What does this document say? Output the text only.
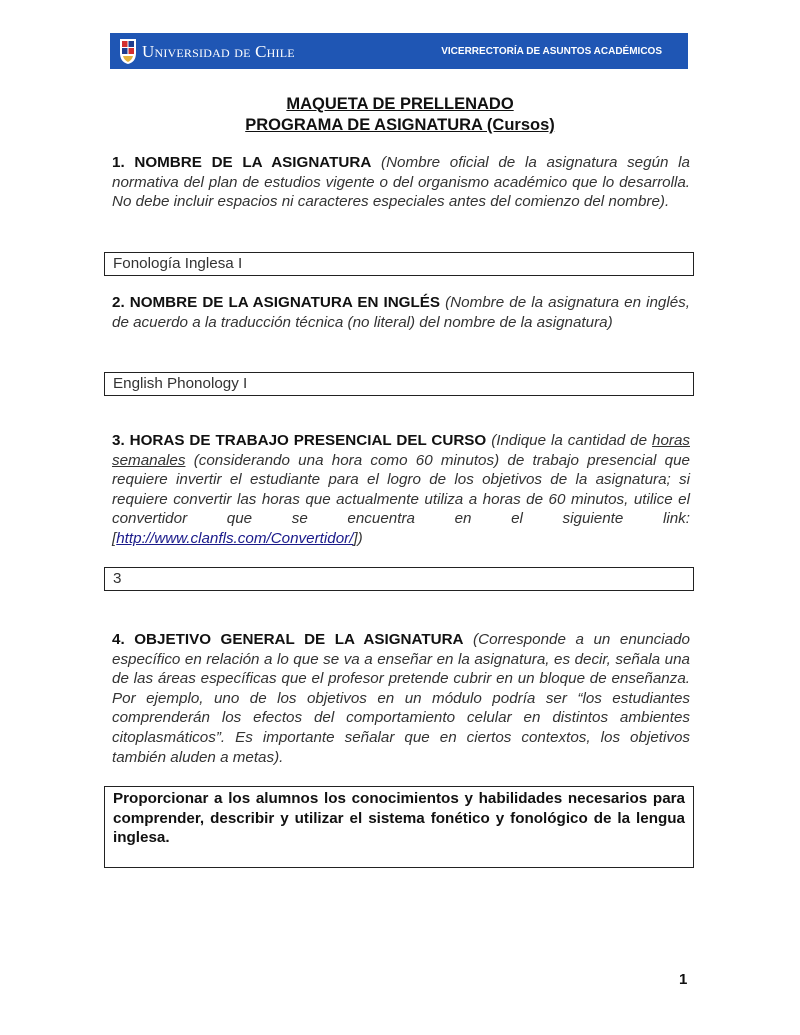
Universidad de Chile	VICERRECTORÍA DE ASUNTOS ACADÉMICOS
MAQUETA DE PRELLENADO
PROGRAMA DE ASIGNATURA (Cursos)
1. NOMBRE DE LA ASIGNATURA (Nombre oficial de la asignatura según la normativa del plan de estudios vigente o del organismo académico que lo desarrolla. No debe incluir espacios ni caracteres especiales antes del comienzo del nombre).
Fonología Inglesa I
2. NOMBRE DE LA ASIGNATURA EN INGLÉS (Nombre de la asignatura en inglés, de acuerdo a la traducción técnica (no literal) del nombre de la asignatura)
English Phonology I
3. HORAS DE TRABAJO PRESENCIAL DEL CURSO (Indique la cantidad de horas semanales (considerando una hora como 60 minutos) de trabajo presencial que requiere invertir el estudiante para el logro de los objetivos de la asignatura; si requiere convertir las horas que actualmente utiliza a horas de 60 minutos, utilice el convertidor que se encuentra en el siguiente link: [http://www.clanfls.com/Convertidor/])
3
4. OBJETIVO GENERAL DE LA ASIGNATURA (Corresponde a un enunciado específico en relación a lo que se va a enseñar en la asignatura, es decir, señala una de las áreas específicas que el profesor pretende cubrir en un bloque de enseñanza. Por ejemplo, uno de los objetivos en un módulo podría ser “los estudiantes comprenderán los efectos del comportamiento celular en distintos ambientes citoplasmáticos”. Es importante señalar que en ciertos contextos, los objetivos también aluden a metas).
Proporcionar a los alumnos los conocimientos y habilidades necesarios para comprender, describir y utilizar el sistema fonético y fonológico de la lengua inglesa.
1
